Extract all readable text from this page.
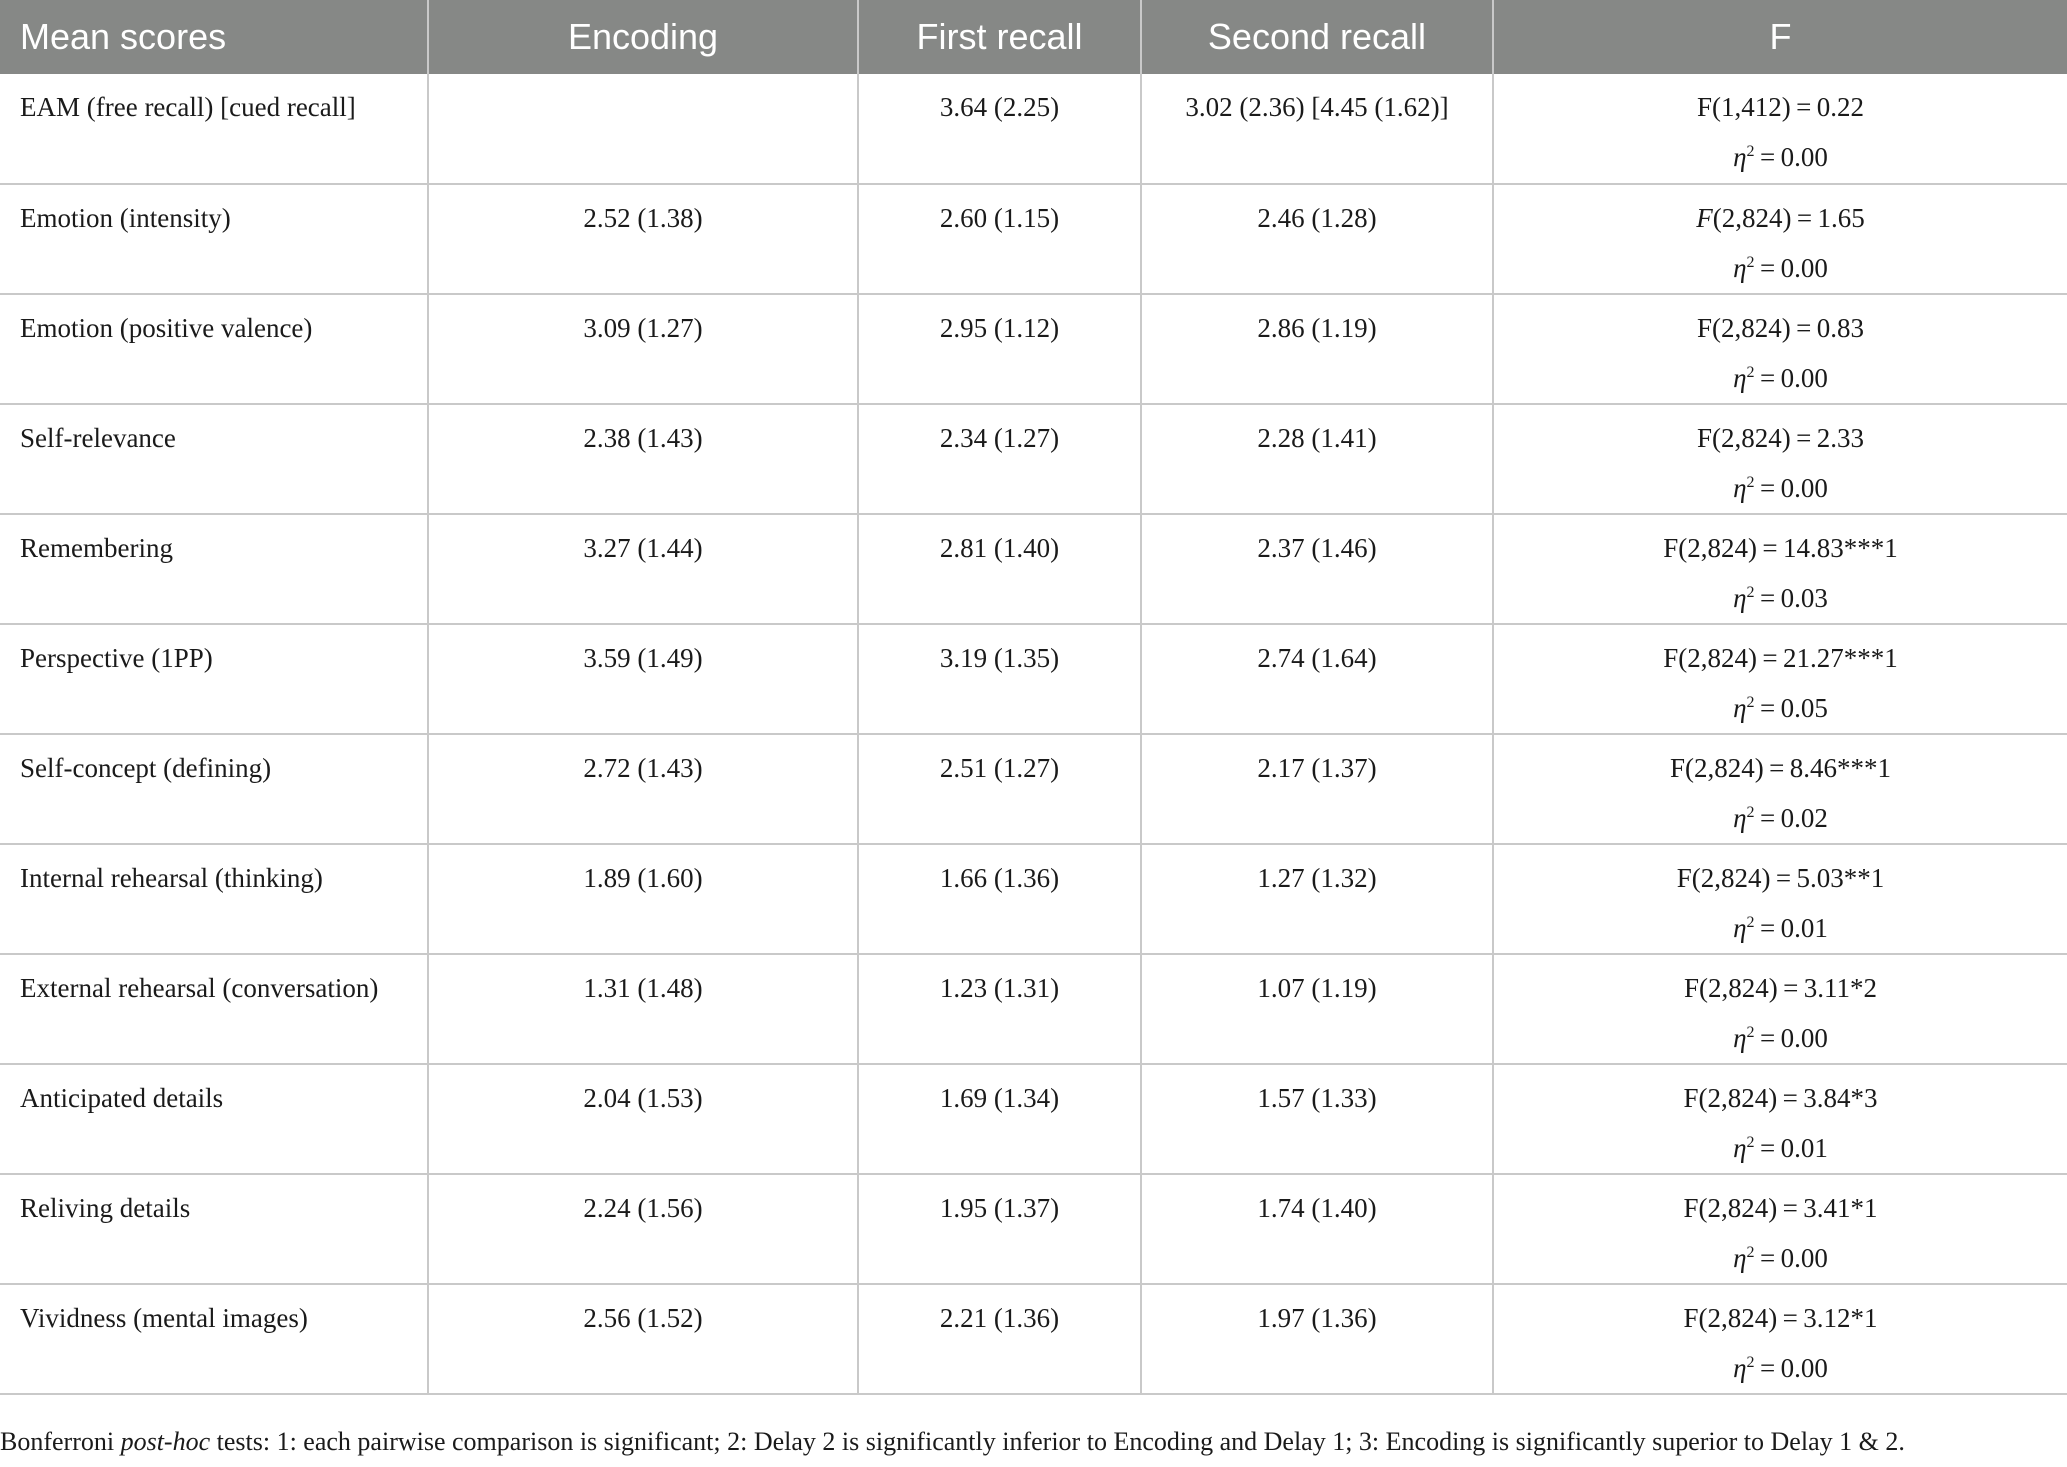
Mean scores	Encoding	First recall	Second recall	F
EAM (free recall) [cued recall]		3.64 (2.25)	3.02 (2.36) [4.45 (1.62)]	F(1,412) = 0.22
$\eta^2 = 0.00$

Emotion (intensity)	2.52 (1.38)	2.60 (1.15)	2.46 (1.28)	F(2,824) = 1.65
$\eta^2 = 0.00$

Emotion (positive valence)	3.09 (1.27)	2.95 (1.12)	2.86 (1.19)	F(2,824) = 0.83
$\eta^2 = 0.00$

Self-relevance	2.38 (1.43)	2.34 (1.27)	2.28 (1.41)	F(2,824) = 2.33
$\eta^2 = 0.00$

Remembering	3.27 (1.44)	2.81 (1.40)	2.37 (1.46)	F(2,824) = 14.83***1
$\eta^2 = 0.03$

Perspective (1PP)	3.59 (1.49)	3.19 (1.35)	2.74 (1.64)	F(2,824) = 21.27***1
$\eta^2 = 0.05$

Self-concept (defining)	2.72 (1.43)	2.51 (1.27)	2.17 (1.37)	F(2,824) = 8.46***1
$\eta^2 = 0.02$

Internal rehearsal (thinking)	1.89 (1.60)	1.66 (1.36)	1.27 (1.32)	F(2,824) = 5.03**1
$\eta^2 = 0.01$

External rehearsal (conversation)	1.31 (1.48)	1.23 (1.31)	1.07 (1.19)	F(2,824) = 3.11*2
$\eta^2 = 0.00$

Anticipated details	2.04 (1.53)	1.69 (1.34)	1.57 (1.33)	F(2,824) = 3.84*3
$\eta^2 = 0.01$

Reliving details	2.24 (1.56)	1.95 (1.37)	1.74 (1.40)	F(2,824) = 3.41*1
$\eta^2 = 0.00$

Vividness (mental images)	2.56 (1.52)	2.21 (1.36)	1.97 (1.36)	F(2,824) = 3.12*1
$\eta^2 = 0.00$
Bonferroni post-hoc tests: 1: each pairwise comparison is significant; 2: Delay 2 is significantly inferior to Encoding and Delay 1; 3: Encoding is significantly superior to Delay 1 & 2.
